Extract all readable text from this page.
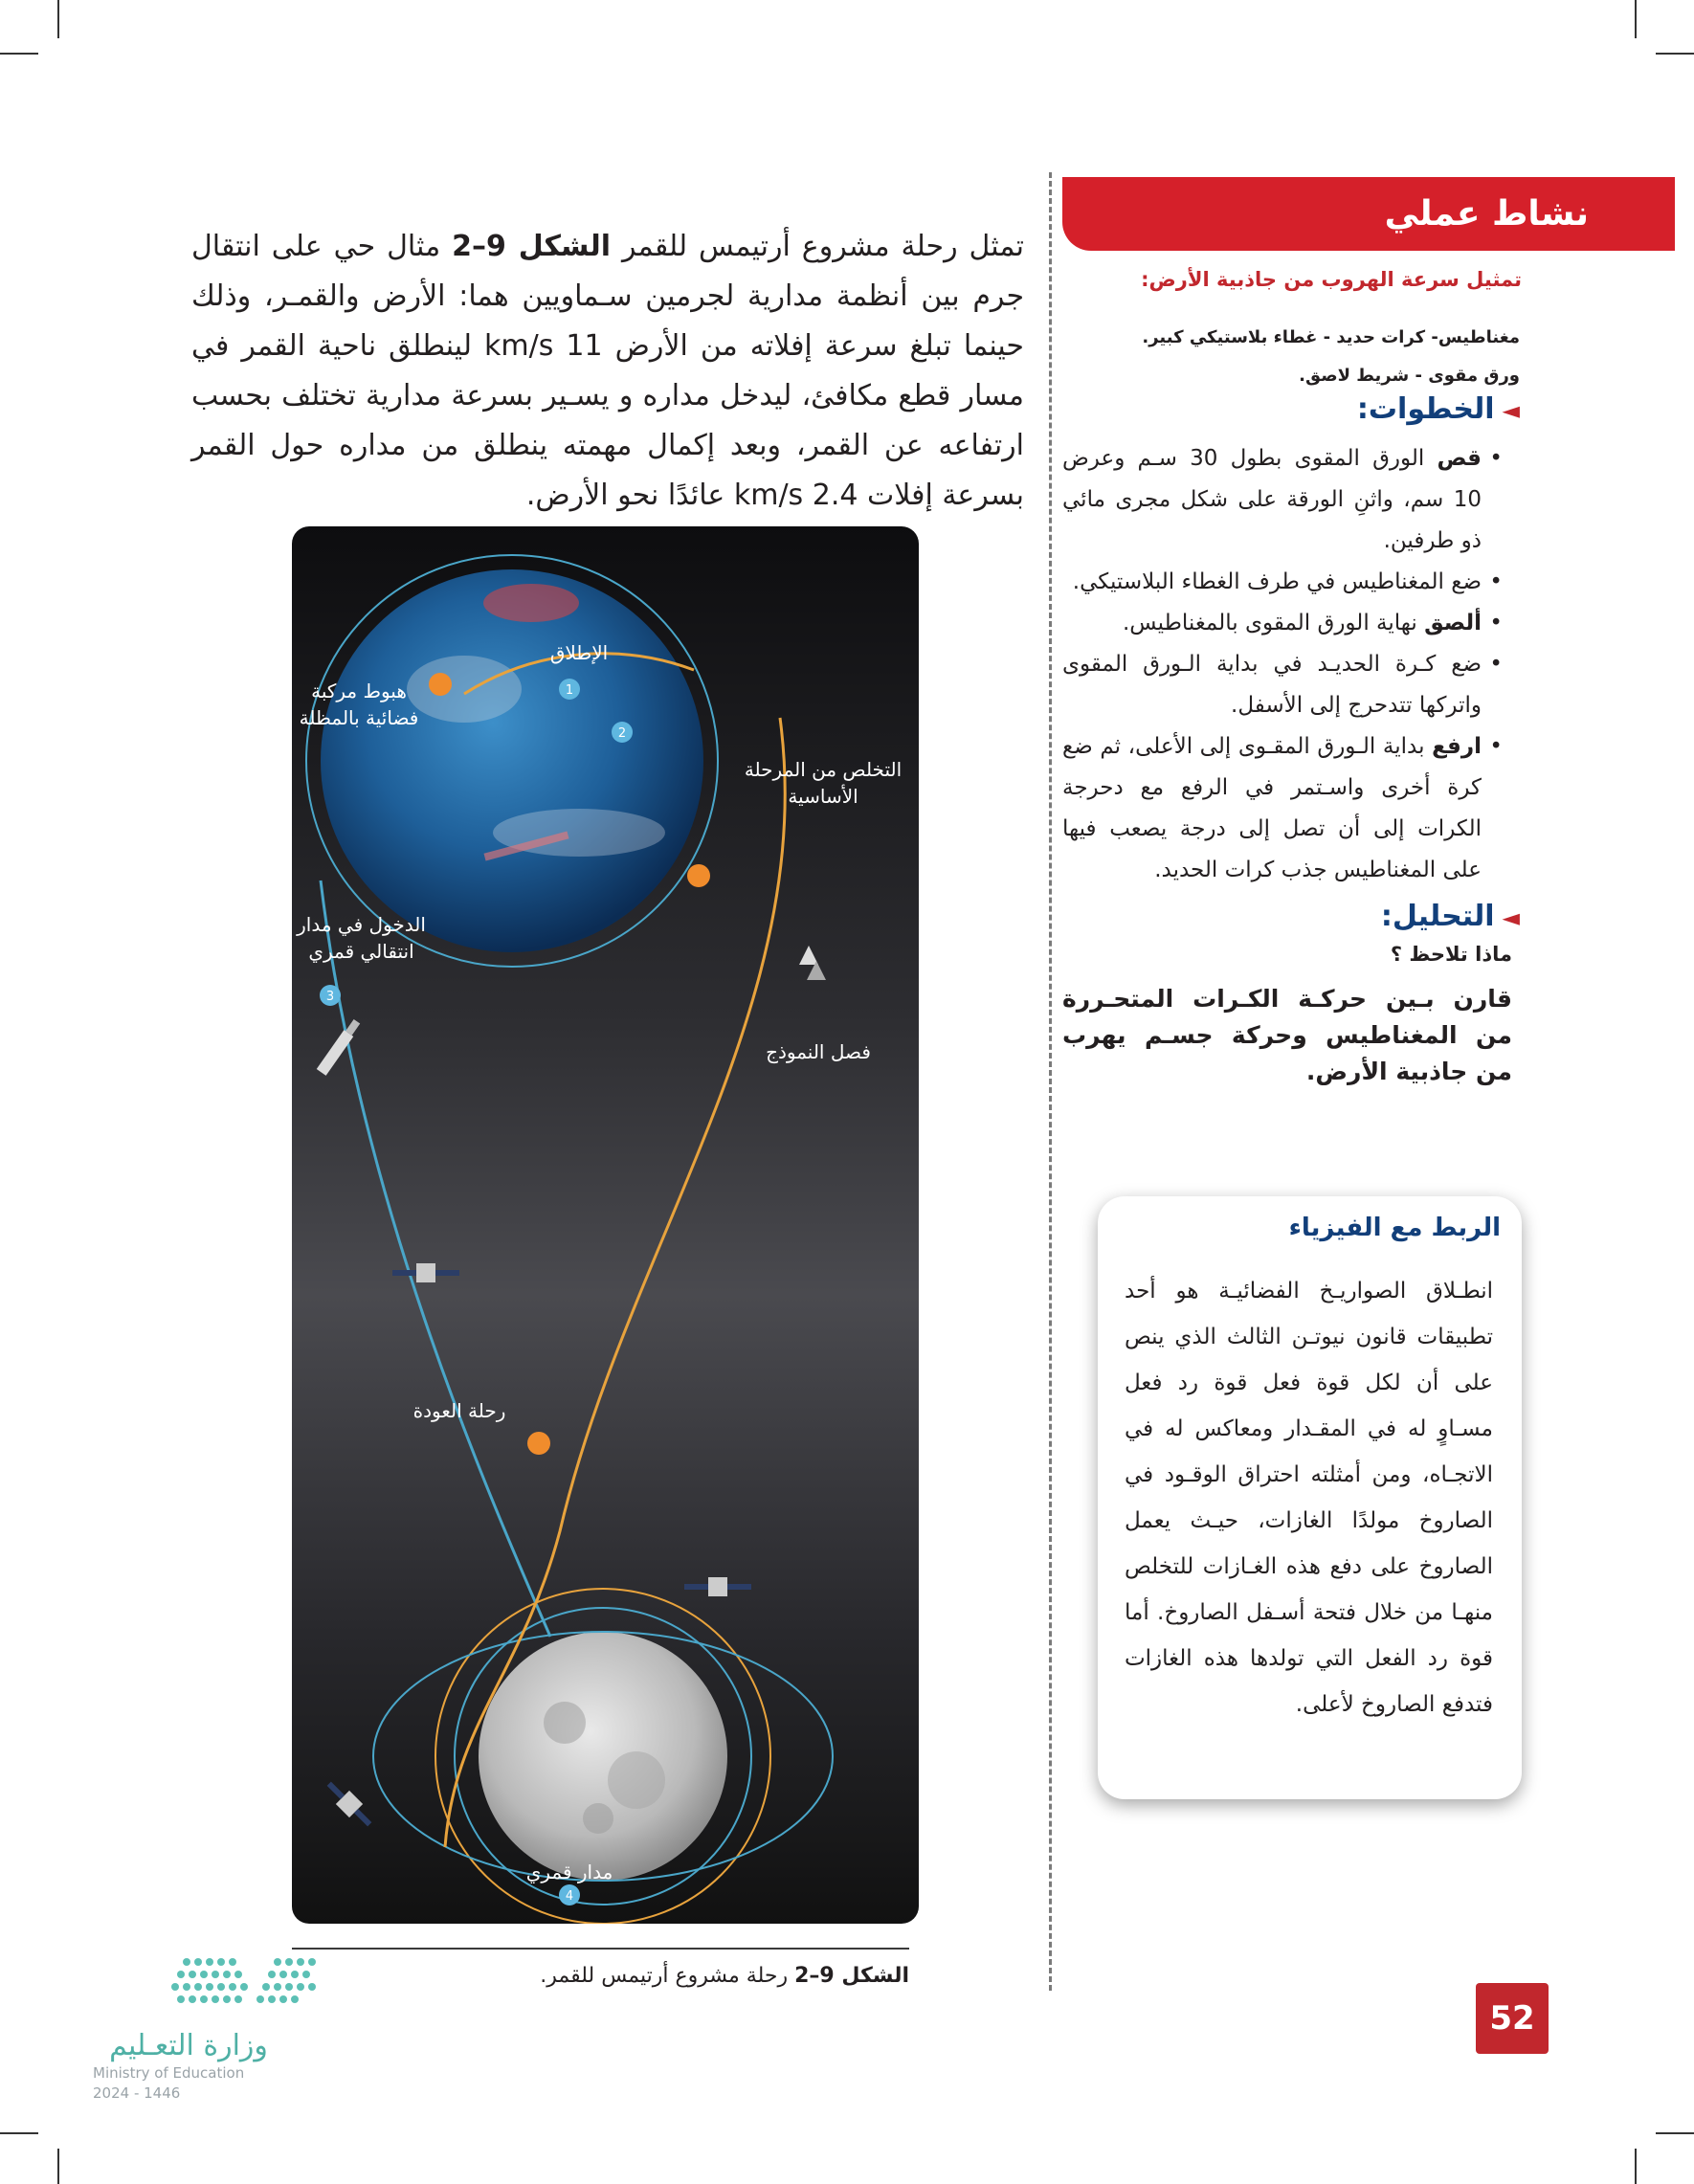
تمثل رحلة مشروع أرتيمس للقمر الشكل 9–2 مثال حي على انتقال جرم بين أنظمة مدارية لجرمين سـماويين هما: الأرض والقمـر، وذلك حينما تبلغ سرعة إفلاته من الأرض 11 km/s لينطلق ناحية القمر في مسار قطع مكافئ، ليدخل مداره و يسـير بسرعة مدارية تختلف بحسب ارتفاعه عن القمر، وبعد إكمال مهمته ينطلق من مداره حول القمر بسرعة إفلات 2.4 km/s عائدًا نحو الأرض.

1
2
3
4
الإطلاق
هبوط مركبة فضائية بالمظلة
التخلص من المرحلة الأساسية
الدخول في مدار انتقالي قمري
فصل النموذج
رحلة العودة
مدار قمري
الشكل 9–2 رحلة مشروع أرتيمس للقمر.
نشاط عملي
تمثيل سرعة الهروب من جاذبية الأرض:
مغناطيس- كرات حديد - غطاء بلاستيكي كبير.
ورق مقوى - شريط لاصق.
◄الخطوات:
• قص الورق المقوى بطول 30 سـم وعرض 10 سم، واثنِ الورقة على شكل مجرى مائي ذو طرفين.
• ضع المغناطيس في طرف الغطاء البلاستيكي.
• ألصق نهاية الورق المقوى بالمغناطيس.
• ضع كـرة الحديـد في بداية الـورق المقوى واتركها تتدحرج إلى الأسفل.
• ارفع بداية الـورق المقـوى إلى الأعلى، ثم ضع كرة أخرى واسـتمر في الرفع مع دحرجة الكرات إلى أن تصل إلى درجة يصعب فيها على المغناطيس جذب كرات الحديد.
◄التحليل:
ماذا تلاحظ ؟
قارن بـين حركـة الكـرات المتحـررة من المغناطيس وحركة جسـم يهرب من جاذبية الأرض.
الربط مع الفيزياء
انطـلاق الصواريـخ الفضائيـة هو أحد تطبيقات قانون نيوتـن الثالث الذي ينص على أن لكل قوة فعل قوة رد فعل مسـاوٍ له في المقـدار ومعاكس له في الاتجـاه، ومن أمثلته احتراق الوقـود في الصاروخ مولدًا الغازات، حيـث يعمل الصاروخ على دفع هذه الغـازات للتخلص منهـا من خلال فتحة أسـفل الصاروخ. أما قوة رد الفعل التي تولدها هذه الغازات فتدفع الصاروخ لأعلى.
52
وزارة التعـليم
Ministry of Education
2024 - 1446
